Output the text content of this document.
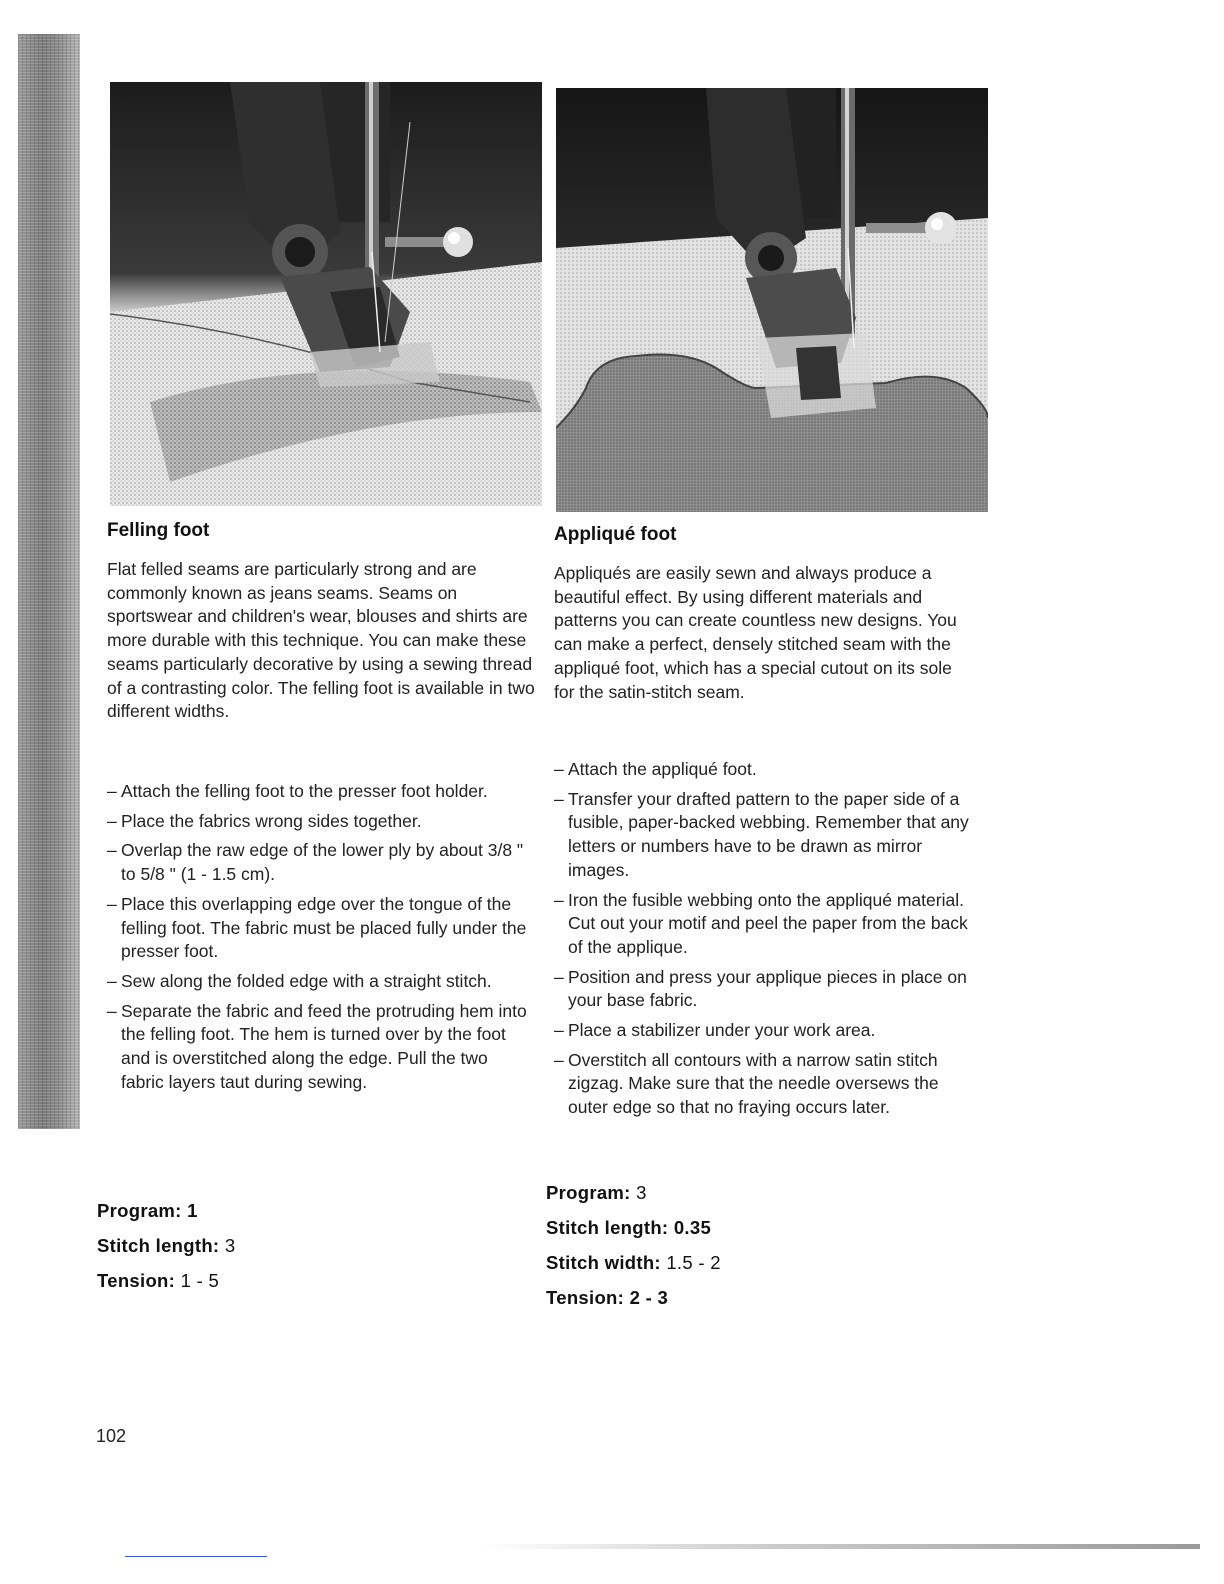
Felling foot

Flat felled seams are particularly strong and are commonly known as jeans seams. Seams on sportswear and children's wear, blouses and shirts are more durable with this technique. You can make these seams particularly decorative by using a sewing thread of a contrasting color. The felling foot is available in two different widths.

– Attach the felling foot to the presser foot holder.
– Place the fabrics wrong sides together.
– Overlap the raw edge of the lower ply by about 3/8 " to 5/8 " (1 - 1.5 cm).
– Place this overlapping edge over the tongue of the felling foot. The fabric must be placed fully under the presser foot.
– Sew along the folded edge with a straight stitch.
– Separate the fabric and feed the protruding hem into the felling foot. The hem is turned over by the foot and is overstitched along the edge. Pull the two fabric layers taut during sewing.
Program: 1
Stitch length: 3
Tension: 1 - 5
Appliqué foot

Appliqués are easily sewn and always produce a beautiful effect. By using different materials and patterns you can create countless new designs. You can make a perfect, densely stitched seam with the appliqué foot, which has a special cutout on its sole for the satin-stitch seam.

– Attach the appliqué foot.
– Transfer your drafted pattern to the paper side of a fusible, paper-backed webbing. Remember that any letters or numbers have to be drawn as mirror images.
– Iron the fusible webbing onto the appliqué material. Cut out your motif and peel the paper from the back of the applique.
– Position and press your applique pieces in place on your base fabric.
– Place a stabilizer under your work area.
– Overstitch all contours with a narrow satin stitch zigzag. Make sure that the needle oversews the outer edge so that no fraying occurs later.
Program: 3
Stitch length: 0.35
Stitch width: 1.5 - 2
Tension: 2 - 3
102
